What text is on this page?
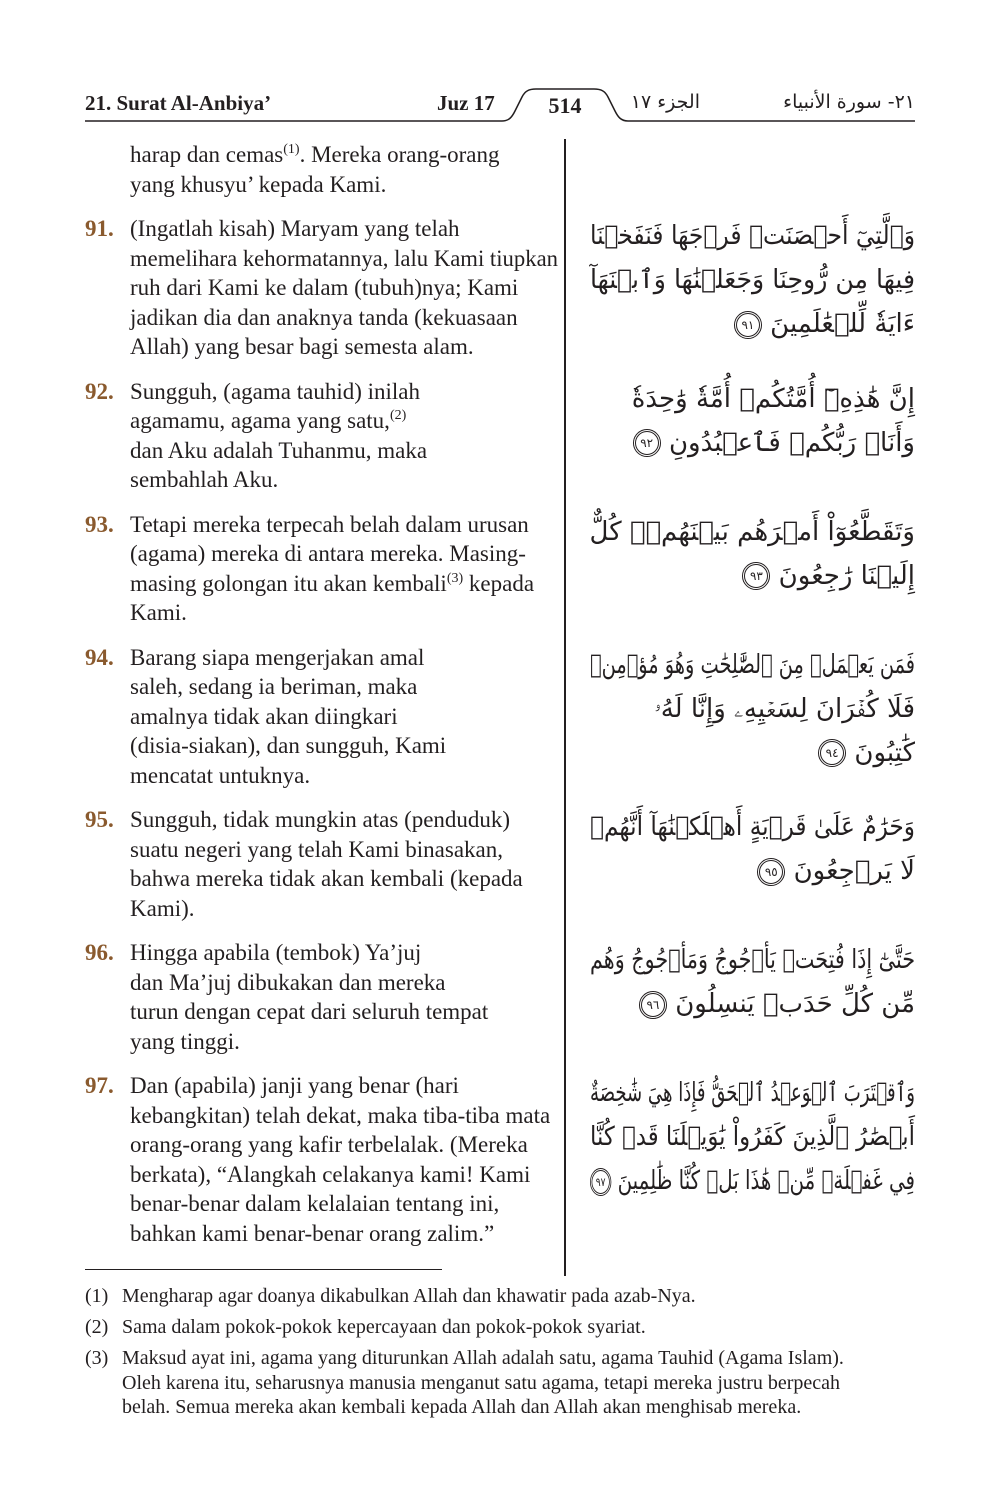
21. Surat Al-Anbiya’	Juz 17	514	الجزء ١٧	٢١- سورة الأنبياء
harap dan cemas$^{(1)}$. Mereka orang-orang
yang khusyu’ kepada Kami.
91. (Ingatlah kisah) Maryam yang telah
memelihara kehormatannya, lalu Kami tiupkan
ruh dari Kami ke dalam (tubuh)nya; Kami
jadikan dia dan anaknya tanda (kekuasaan
Allah) yang besar bagi semesta alam.
وَٱلَّتِيٓ أَحۡصَنَتۡ فَرۡجَهَا فَنَفَخۡنَا
فِيهَا مِن رُّوحِنَا وَجَعَلۡنَٰهَا وَٱبۡنَهَآ
ءَايَةٗ لِّلۡعَٰلَمِينَ ٩١
92. Sungguh, (agama tauhid) inilah
agamamu, agama yang satu,$^{(2)}$
dan Aku adalah Tuhanmu, maka
sembahlah Aku.
إِنَّ هَٰذِهِۦٓ أُمَّتُكُمۡ أُمَّةٗ وَٰحِدَةٗ
وَأَنَا۠ رَبُّكُمۡ فَٱعۡبُدُونِ ٩٢
93. Tetapi mereka terpecah belah dalam urusan
(agama) mereka di antara mereka. Masing-
masing golongan itu akan kembali$^{(3)}$ kepada
Kami.
وَتَقَطَّعُوٓاْ أَمۡرَهُم بَيۡنَهُمۡۖ كُلٌّ
إِلَيۡنَا رَٰجِعُونَ ٩٣
94. Barang siapa mengerjakan amal
saleh, sedang ia beriman, maka
amalnya tidak akan diingkari
(disia-siakan), dan sungguh, Kami
mencatat untuknya.
فَمَن يَعۡمَلۡ مِنَ ٱلصَّٰلِحَٰتِ وَهُوَ مُؤۡمِنٞ
فَلَا كُفۡرَانَ لِسَعۡيِهِۦ وَإِنَّا لَهُۥ
كَٰتِبُونَ ٩٤
95. Sungguh, tidak mungkin atas (penduduk)
suatu negeri yang telah Kami binasakan,
bahwa mereka tidak akan kembali (kepada
Kami).
وَحَرَٰمٌ عَلَىٰ قَرۡيَةٍ أَهۡلَكۡنَٰهَآ أَنَّهُمۡ
لَا يَرۡجِعُونَ ٩٥
96. Hingga apabila (tembok) Ya’juj
dan Ma’juj dibukakan dan mereka
turun dengan cepat dari seluruh tempat
yang tinggi.
حَتَّىٰٓ إِذَا فُتِحَتۡ يَأۡجُوجُ وَمَأۡجُوجُ وَهُم
مِّن كُلِّ حَدَبٖ يَنسِلُونَ ٩٦
97. Dan (apabila) janji yang benar (hari
kebangkitan) telah dekat, maka tiba-tiba mata
orang-orang yang kafir terbelalak. (Mereka
berkata), “Alangkah celakanya kami! Kami
benar-benar dalam kelalaian tentang ini,
bahkan kami benar-benar orang zalim.”
وَٱقۡتَرَبَ ٱلۡوَعۡدُ ٱلۡحَقُّ فَإِذَا هِيَ شَٰخِصَةٌ
أَبۡصَٰرُ ٱلَّذِينَ كَفَرُواْ يَٰوَيۡلَنَا قَدۡ كُنَّا
فِي غَفۡلَةٖ مِّنۡ هَٰذَا بَلۡ كُنَّا ظَٰلِمِينَ ٩٧
(1) Mengharap agar doanya dikabulkan Allah dan khawatir pada azab-Nya.
(2) Sama dalam pokok-pokok kepercayaan dan pokok-pokok syariat.
(3) Maksud ayat ini, agama yang diturunkan Allah adalah satu, agama Tauhid (Agama Islam).
Oleh karena itu, seharusnya manusia menganut satu agama, tetapi mereka justru berpecah
belah. Semua mereka akan kembali kepada Allah dan Allah akan menghisab mereka.
